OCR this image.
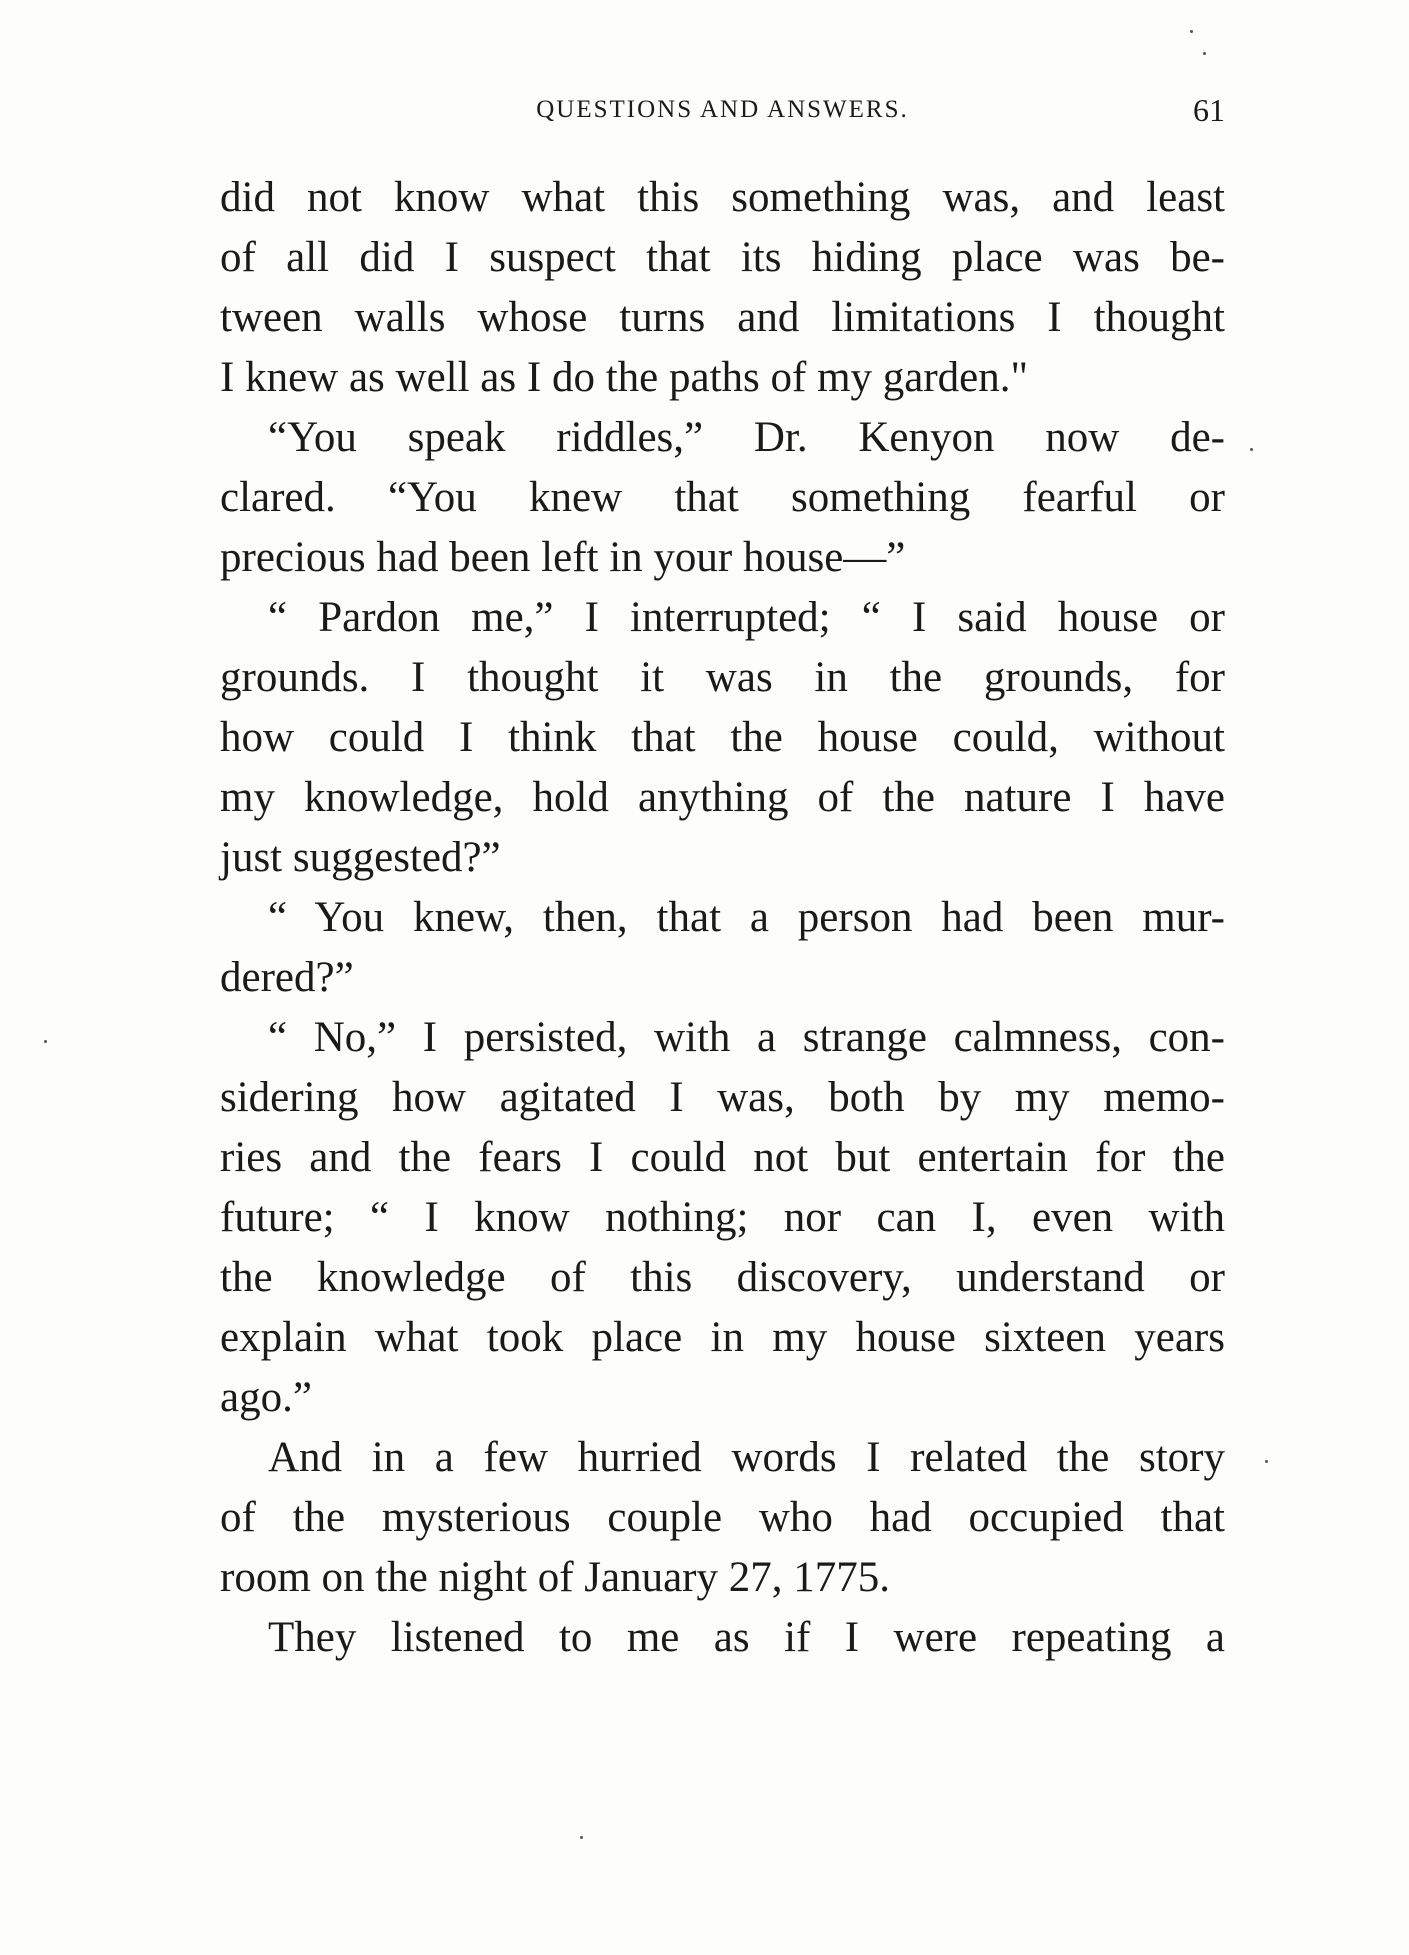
QUESTIONS AND ANSWERS.	61
did not know what this something was, and least
of all did I suspect that its hiding place was be-
tween walls whose turns and limitations I thought
I knew as well as I do the paths of my garden."
“You speak riddles,” Dr. Kenyon now de-
clared. “You knew that something fearful or
precious had been left in your house—”
“ Pardon me,” I interrupted; “ I said house or
grounds. I thought it was in the grounds, for
how could I think that the house could, without
my knowledge, hold anything of the nature I have
just suggested?”
“ You knew, then, that a person had been mur-
dered?”
“ No,” I persisted, with a strange calmness, con-
sidering how agitated I was, both by my memo-
ries and the fears I could not but entertain for the
future; “ I know nothing; nor can I, even with
the knowledge of this discovery, understand or
explain what took place in my house sixteen years
ago.”
And in a few hurried words I related the story
of the mysterious couple who had occupied that
room on the night of January 27, 1775.
They listened to me as if I were repeating a
